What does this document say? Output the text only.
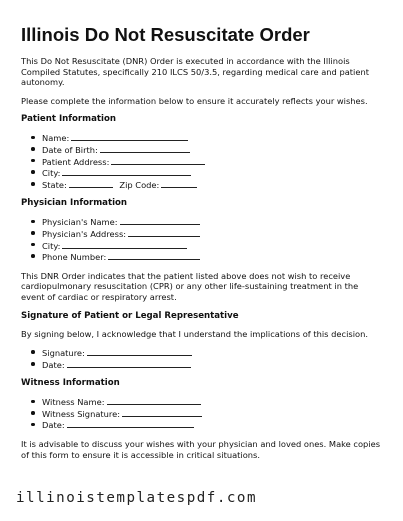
Illinois Do Not Resuscitate Order

This Do Not Resuscitate (DNR) Order is executed in accordance with the Illinois Compiled Statutes, specifically 210 ILCS 50/3.5, regarding medical care and patient autonomy.

Please complete the information below to ensure it accurately reflects your wishes.

Patient Information
Name:
Date of Birth:
Patient Address:
City:
State:	Zip Code:
Physician Information
Physician's Name:
Physician's Address:
City:
Phone Number:

This DNR Order indicates that the patient listed above does not wish to receive cardiopulmonary resuscitation (CPR) or any other life-sustaining treatment in the event of cardiac or respiratory arrest.

Signature of Patient or Legal Representative

By signing below, I acknowledge that I understand the implications of this decision.

Signature:
Date:
Witness Information
Witness Name:
Witness Signature:
Date:

It is advisable to discuss your wishes with your physician and loved ones. Make copies of this form to ensure it is accessible in critical situations.

illinoistemplatespdf.com
